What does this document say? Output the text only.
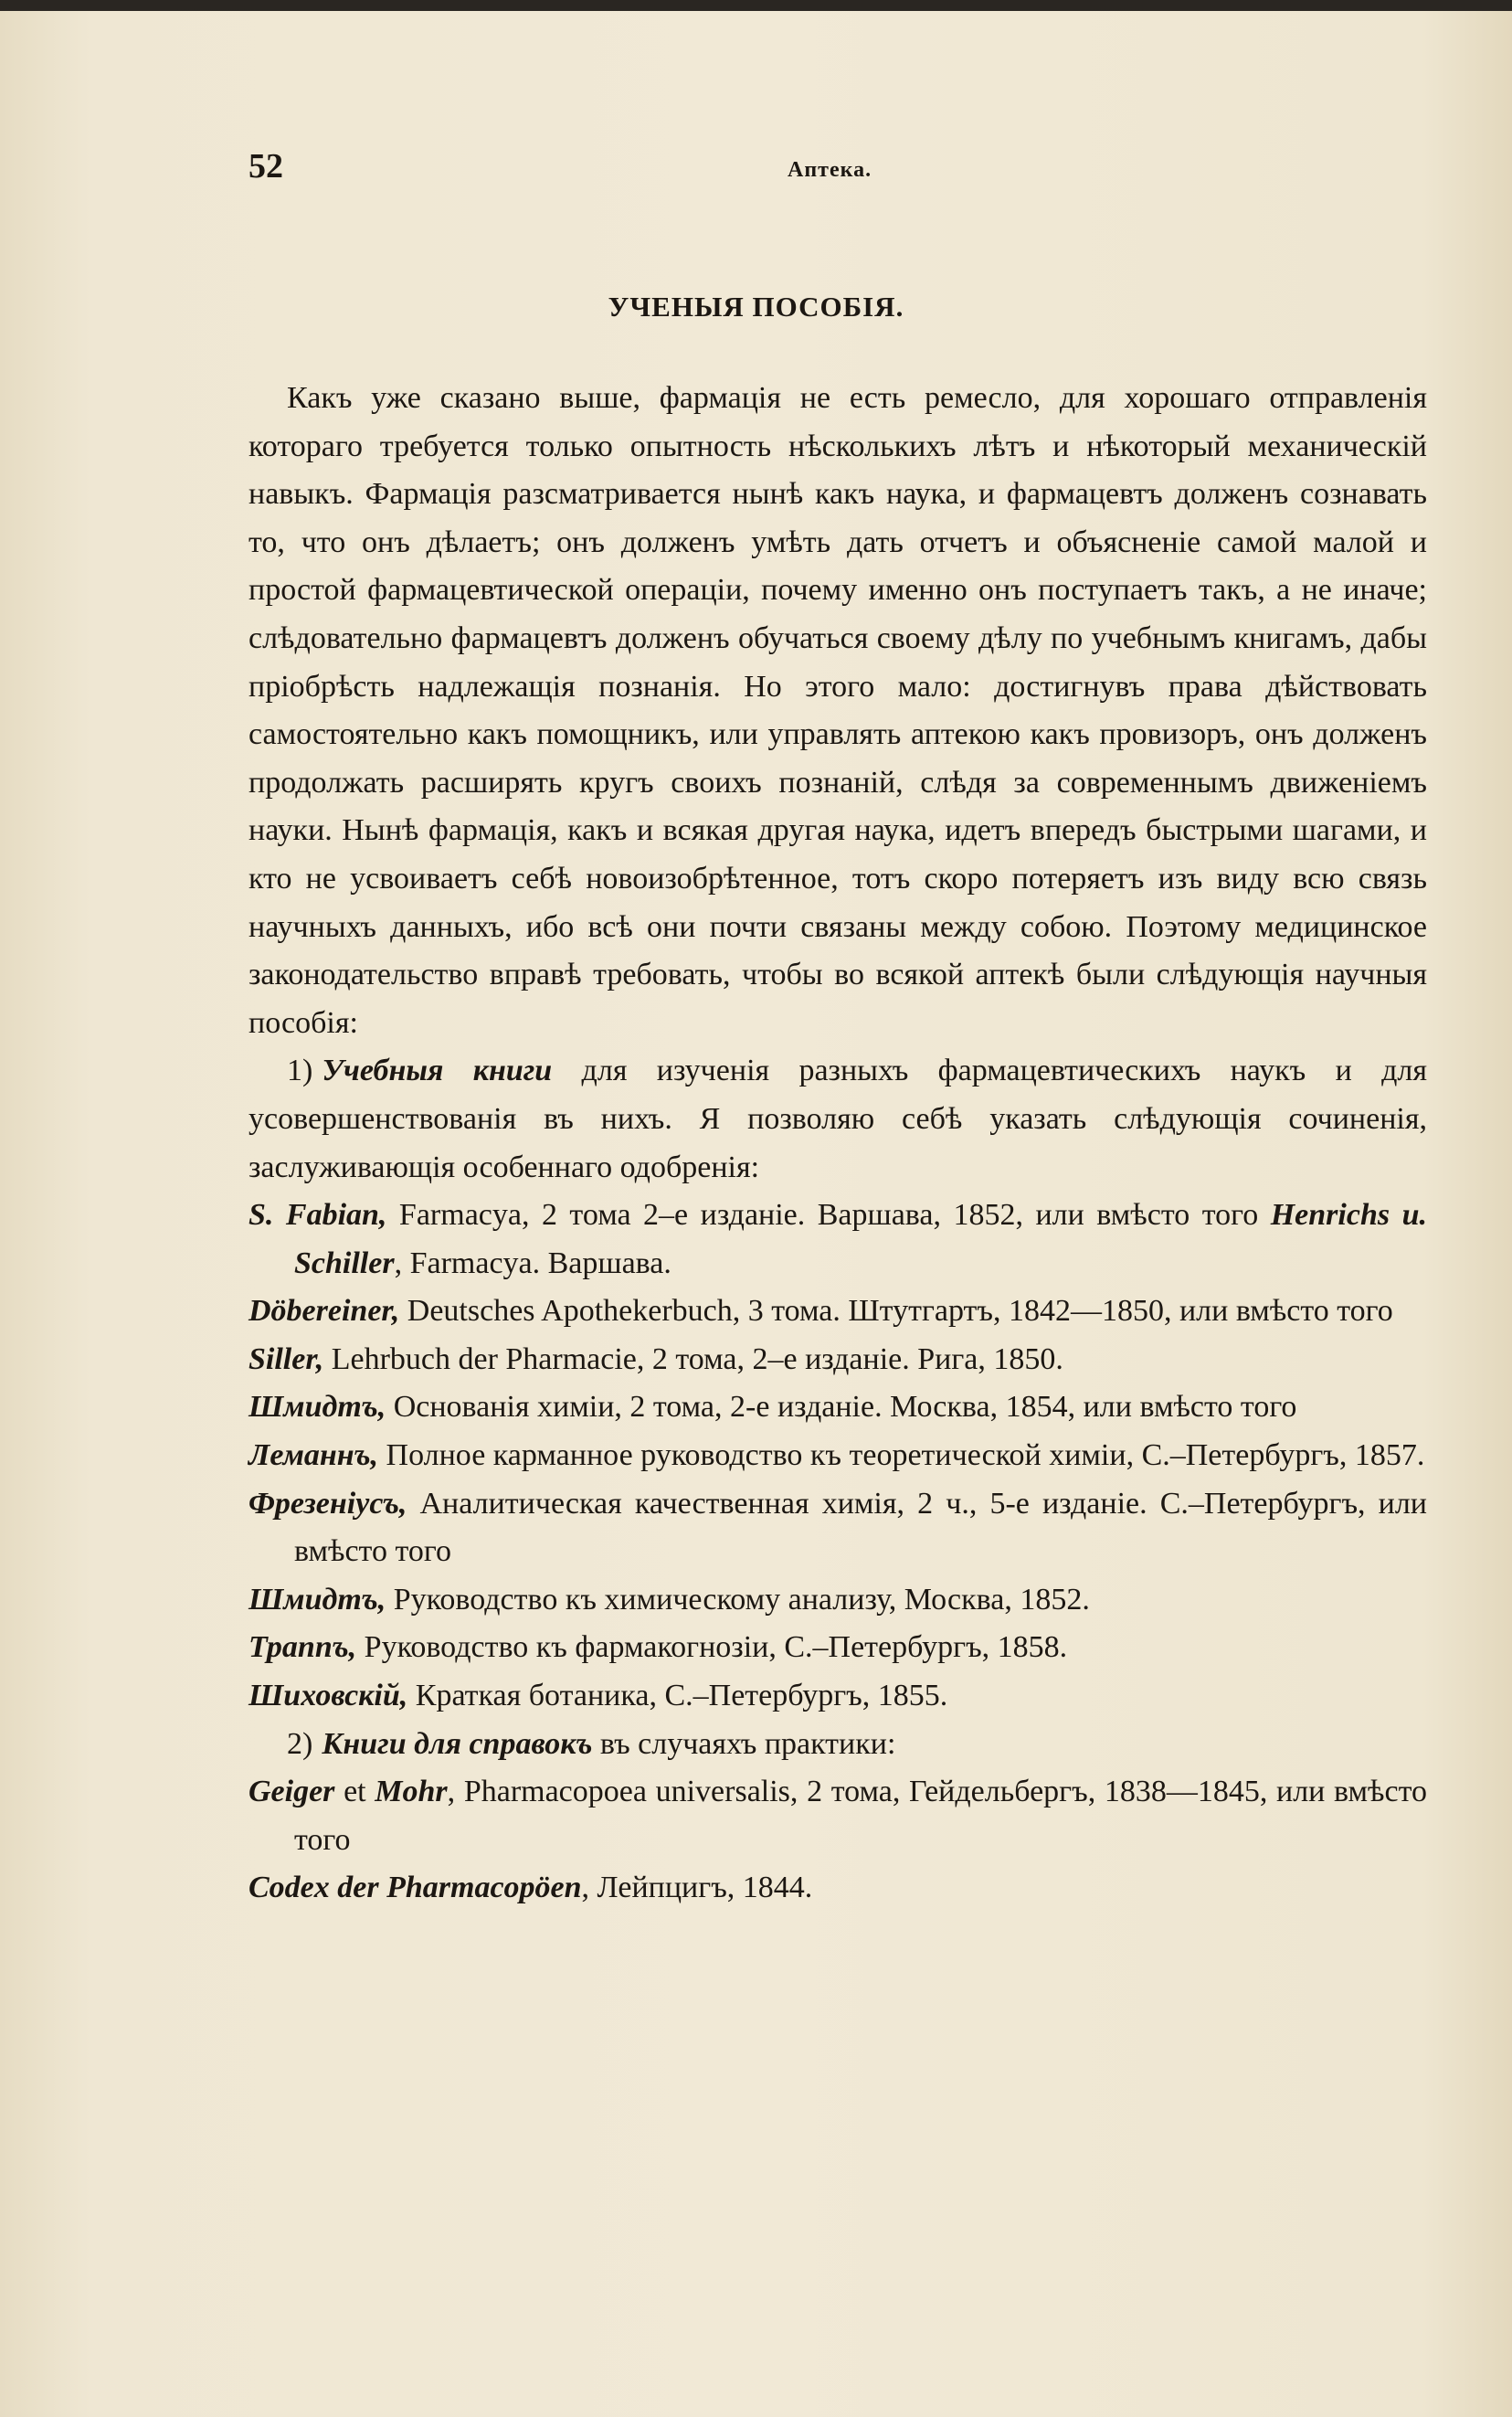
52	Аптека.
УЧЕНЫЯ ПОСОБІЯ.

Какъ уже сказано выше, фармація не есть ремесло, для хорошаго отправленія котораго требуется только опытность нѣсколькихъ лѣтъ и нѣкоторый механическій навыкъ. Фармація разсматривается нынѣ какъ наука, и фармацевтъ долженъ сознавать то, что онъ дѣлаетъ; онъ долженъ умѣть дать отчетъ и объясненіе самой малой и простой фармацевтической операціи, почему именно онъ поступаетъ такъ, а не иначе; слѣдовательно фармацевтъ долженъ обучаться своему дѣлу по учебнымъ книгамъ, дабы пріобрѣсть надлежащія познанія. Но этого мало: достигнувъ права дѣйствовать самостоятельно какъ помощникъ, или управлять аптекою какъ провизоръ, онъ долженъ продолжать расширять кругъ своихъ познаній, слѣдя за современнымъ движеніемъ науки. Нынѣ фармація, какъ и всякая другая наука, идетъ впередъ быстрыми шагами, и кто не усвоиваетъ себѣ новоизобрѣтенное, тотъ скоро потеряетъ изъ виду всю связь научныхъ данныхъ, ибо всѣ они почти связаны между собою. Поэтому медицинское законодательство вправѣ требовать, чтобы во всякой аптекѣ были слѣдующія научныя пособія:

1) Учебныя книги для изученія разныхъ фармацевтическихъ наукъ и для усовершенствованія въ нихъ. Я позволяю себѣ указать слѣдующія сочиненія, заслуживающія особеннаго одобренія:

S. Fabian, Farmacya, 2 тома 2–е изданіе. Варшава, 1852, или вмѣсто того Henrichs u. Schiller, Farmacya. Варшава.

Döbereiner, Deutsches Apothekerbuch, 3 тома. Штутгартъ, 1842—1850, или вмѣсто того

Siller, Lehrbuch der Pharmacie, 2 тома, 2–е изданіе. Рига, 1850.

Шмидтъ, Основанія химіи, 2 тома, 2-е изданіе. Москва, 1854, или вмѣсто того

Леманнъ, Полное карманное руководство къ теоретической химіи, С.–Петербургъ, 1857.

Фрезеніусъ, Аналитическая качественная химія, 2 ч., 5-е изданіе. С.–Петербургъ, или вмѣсто того

Шмидтъ, Руководство къ химическому анализу, Москва, 1852.

Траппъ, Руководство къ фармакогнозіи, С.–Петербургъ, 1858.

Шиховскій, Краткая ботаника, С.–Петербургъ, 1855.

2) Книги для справокъ въ случаяхъ практики:

Geiger et Mohr, Pharmacopoea universalis, 2 тома, Гейдельбергъ, 1838—1845, или вмѣсто того

Codex der Pharmacopöen, Лейпцигъ, 1844.
